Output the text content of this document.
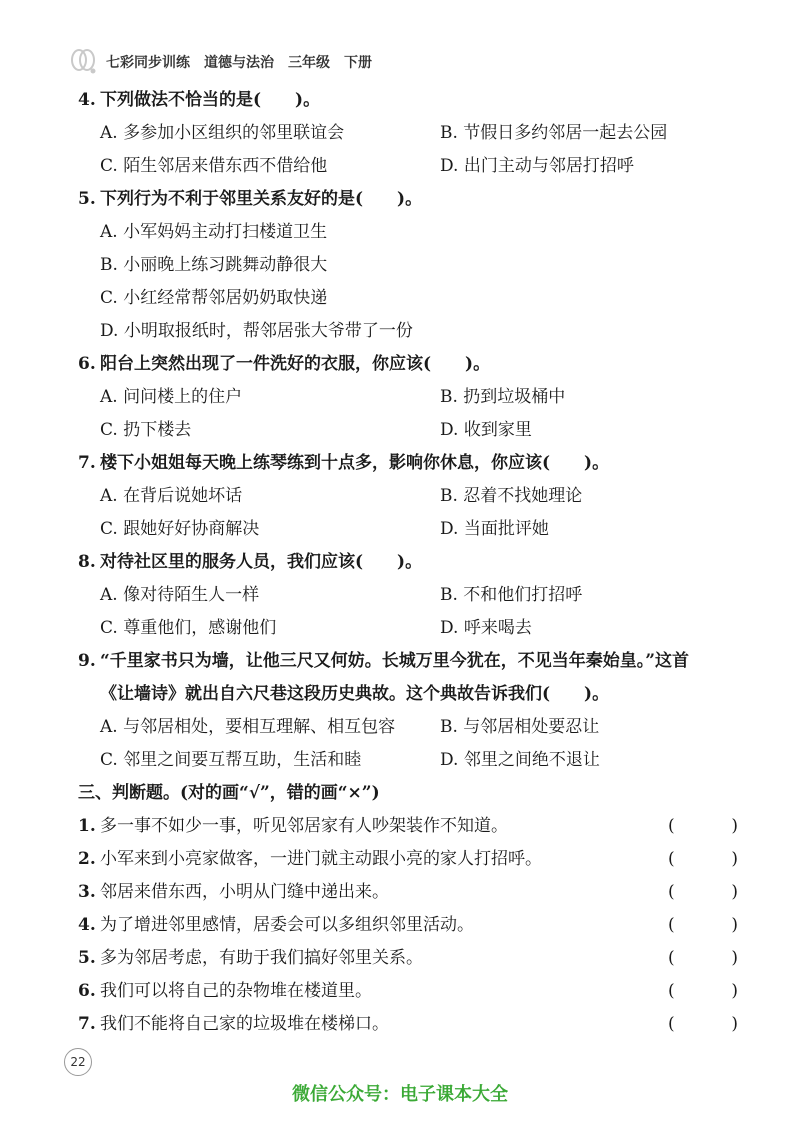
七彩同步训练 道德与法治 三年级 下册
4. 下列做法不恰当的是(　　)。
A. 多参加小区组织的邻里联谊会	B. 节假日多约邻居一起去公园
C. 陌生邻居来借东西不借给他	D. 出门主动与邻居打招呼
5. 下列行为不利于邻里关系友好的是(　　)。
A. 小军妈妈主动打扫楼道卫生
B. 小丽晚上练习跳舞动静很大
C. 小红经常帮邻居奶奶取快递
D. 小明取报纸时，帮邻居张大爷带了一份
6. 阳台上突然出现了一件洗好的衣服，你应该(　　)。
A. 问问楼上的住户	B. 扔到垃圾桶中
C. 扔下楼去	D. 收到家里
7. 楼下小姐姐每天晚上练琴练到十点多，影响你休息，你应该(　　)。
A. 在背后说她坏话	B. 忍着不找她理论
C. 跟她好好协商解决	D. 当面批评她
8. 对待社区里的服务人员，我们应该(　　)。
A. 像对待陌生人一样	B. 不和他们打招呼
C. 尊重他们，感谢他们	D. 呼来喝去
9. “千里家书只为墙，让他三尺又何妨。长城万里今犹在，不见当年秦始皇。”这首
《让墙诗》就出自六尺巷这段历史典故。这个典故告诉我们(　　)。
A. 与邻居相处，要相互理解、相互包容	B. 与邻居相处要忍让
C. 邻里之间要互帮互助，生活和睦	D. 邻里之间绝不退让
三、判断题。(对的画“√”，错的画“×”)
1. 多一事不如少一事，听见邻居家有人吵架装作不知道。	(	)
2. 小军来到小亮家做客，一进门就主动跟小亮的家人打招呼。	(	)
3. 邻居来借东西，小明从门缝中递出来。	(	)
4. 为了增进邻里感情，居委会可以多组织邻里活动。	(	)
5. 多为邻居考虑，有助于我们搞好邻里关系。	(	)
6. 我们可以将自己的杂物堆在楼道里。	(	)
7. 我们不能将自己家的垃圾堆在楼梯口。	(	)
22
微信公众号：电子课本大全
